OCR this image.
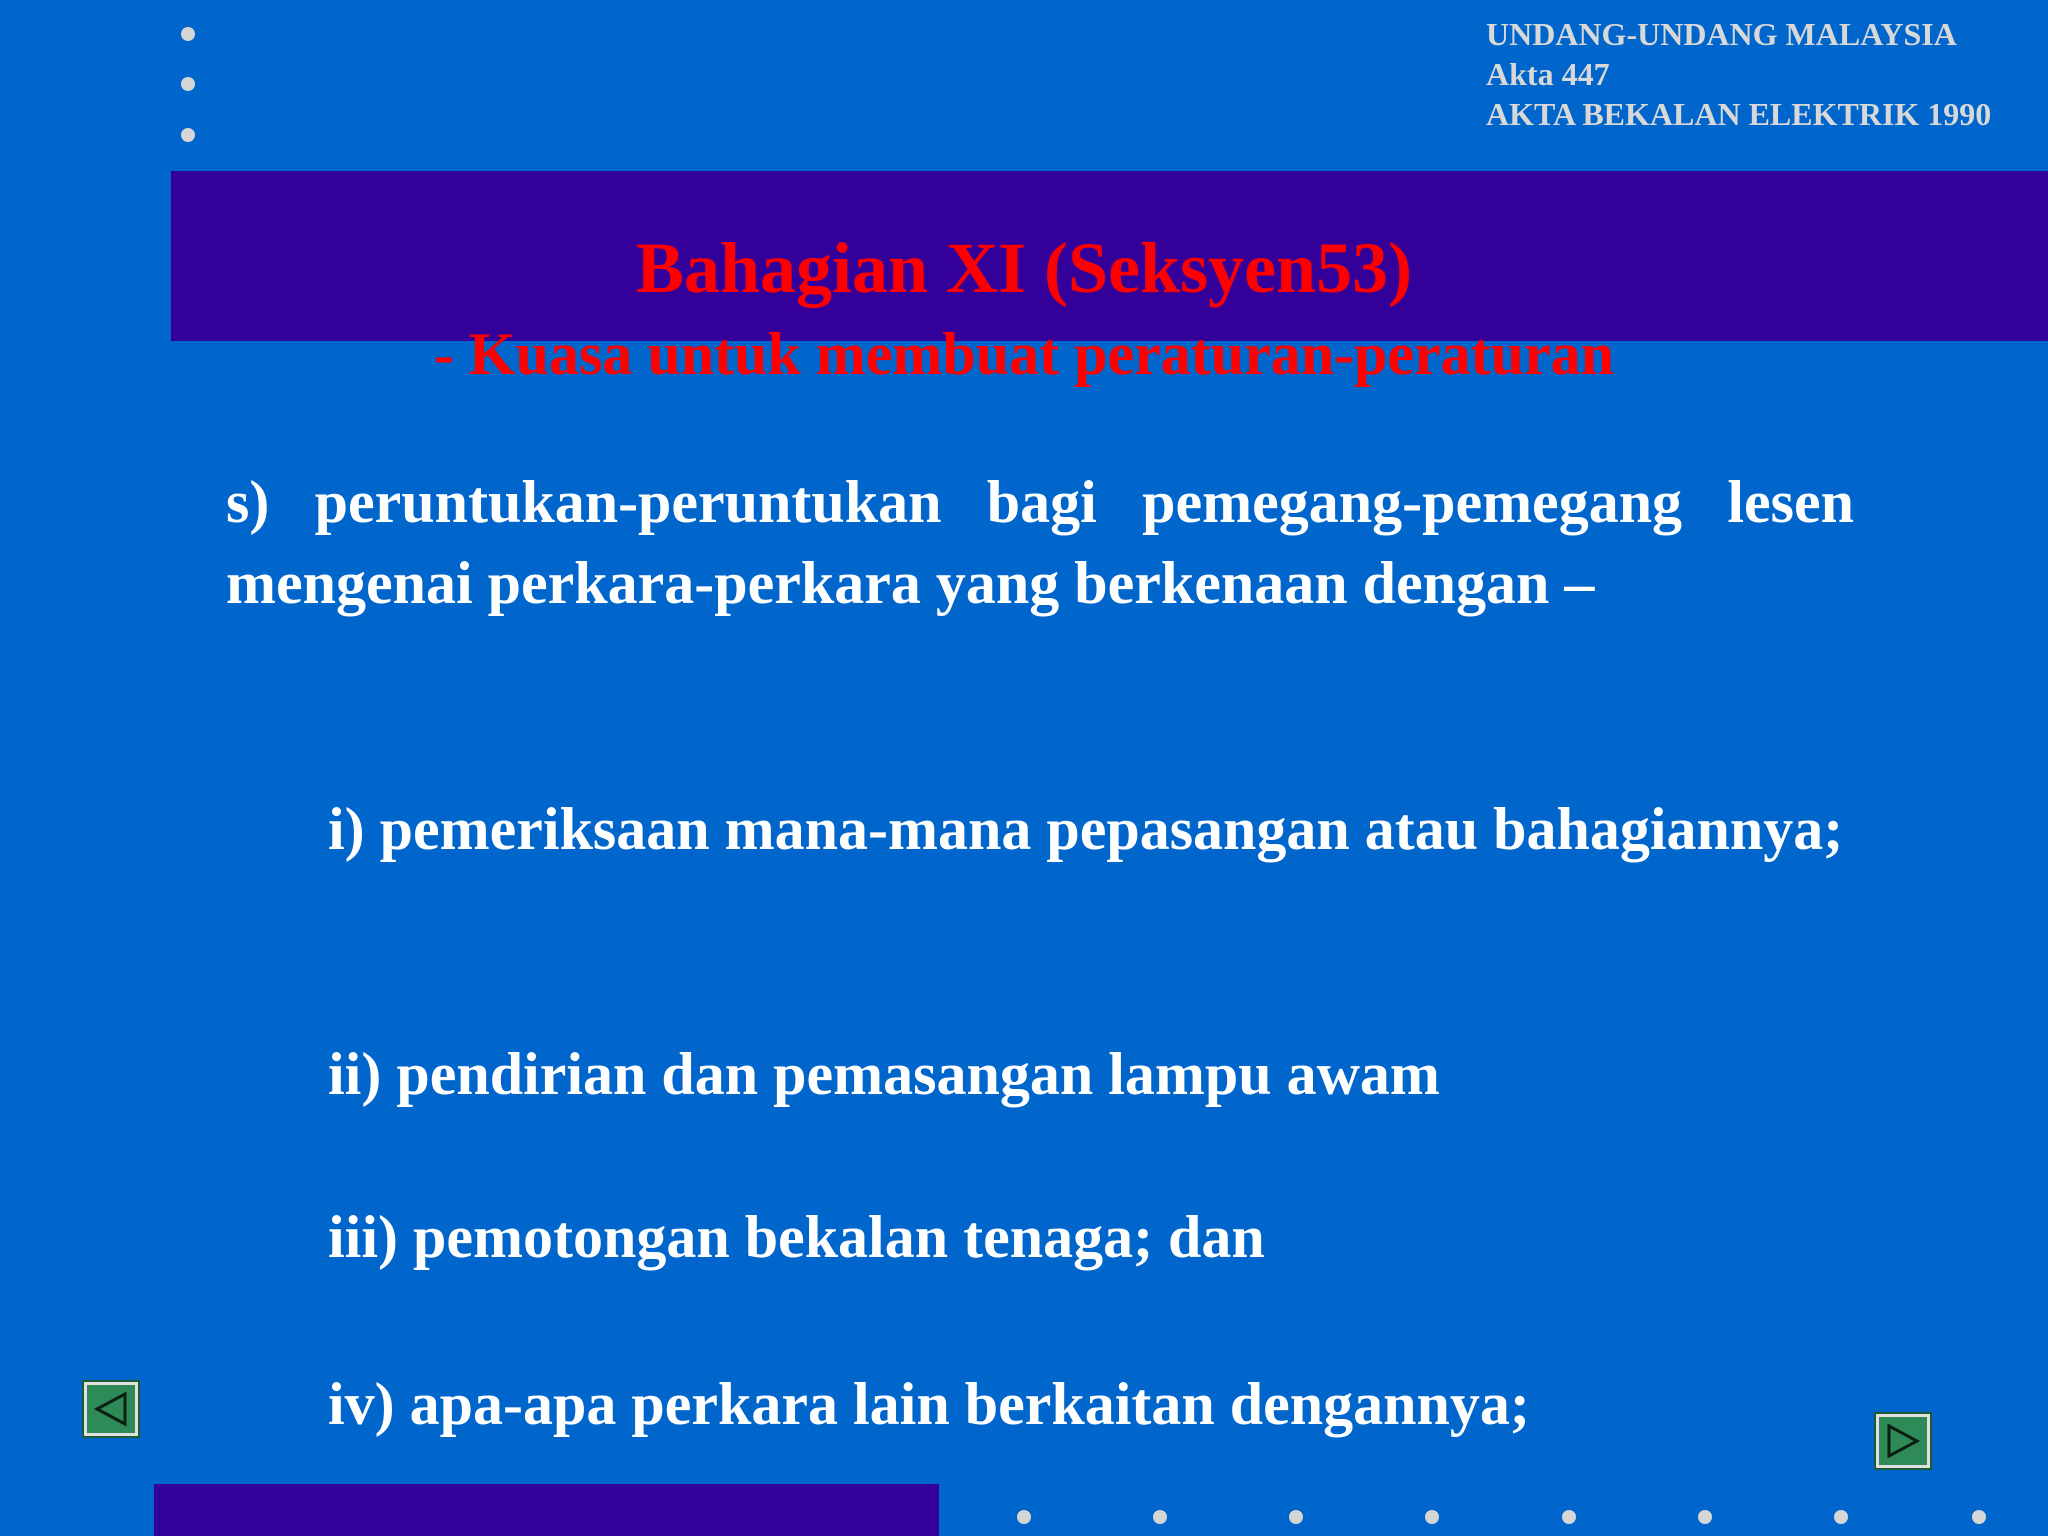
UNDANG-UNDANG MALAYSIA
Akta 447
AKTA BEKALAN ELEKTRIK 1990
Bahagian XI (Seksyen53)
- Kuasa untuk membuat peraturan-peraturan
s) peruntukan-peruntukan bagi pemegang-pemegang lesen mengenai perkara-perkara yang berkenaan dengan –
i) pemeriksaan mana-mana pepasangan atau bahagiannya;
ii) pendirian dan pemasangan lampu awam
iii) pemotongan bekalan tenaga; dan
iv) apa-apa perkara lain berkaitan dengannya;
